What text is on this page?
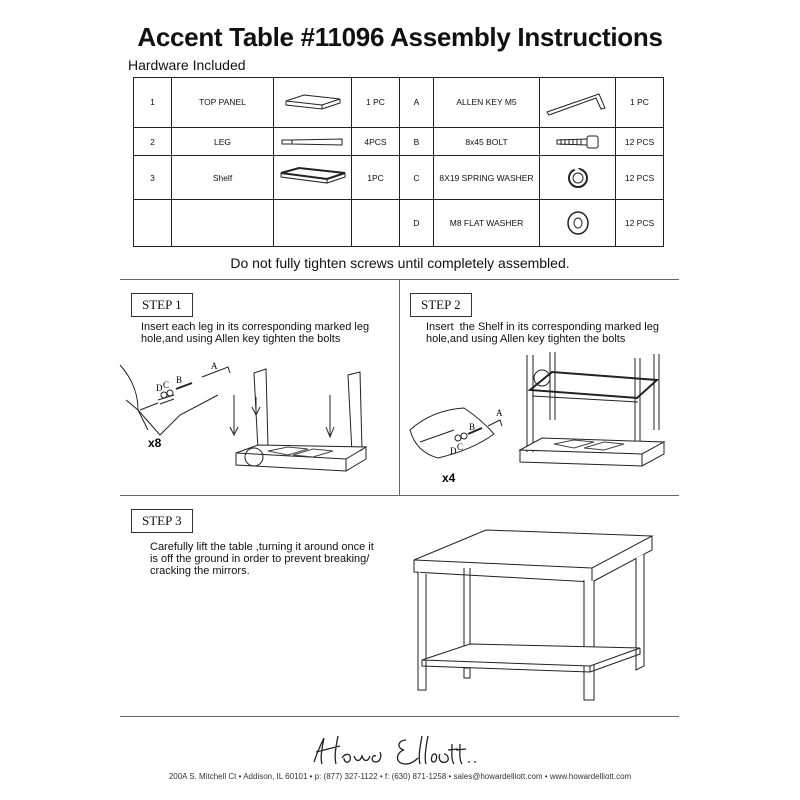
Accent Table #11096 Assembly Instructions
Hardware Included
1	TOP PANEL		1 PC	A	ALLEN KEY M5		1 PC
2	LEG		4PCS	B	8x45 BOLT		12 PCS
3	Shelf		1PC	C	8X19 SPRING WASHER		12 PCS
				D	M8 FLAT WASHER		12 PCS
Do not fully tighten screws until completely assembled.
STEP 1
Insert each leg in its corresponding marked leg
hole,and using Allen key tighten the bolts
D C B
A
x8
STEP 2
Insert  the Shelf in its corresponding marked leg
hole,and using Allen key tighten the bolts
D C
B
A
x4
STEP 3
Carefully lift the table ,turning it around once it
is off the ground in order to prevent breaking/
cracking the mirrors.
Howard Elliott
200A S. Mitchell Ct • Addison, IL 60101 • p: (877) 327-1122 • f: (630) 871-1258 • sales@howardelliott.com • www.howardelliott.com
